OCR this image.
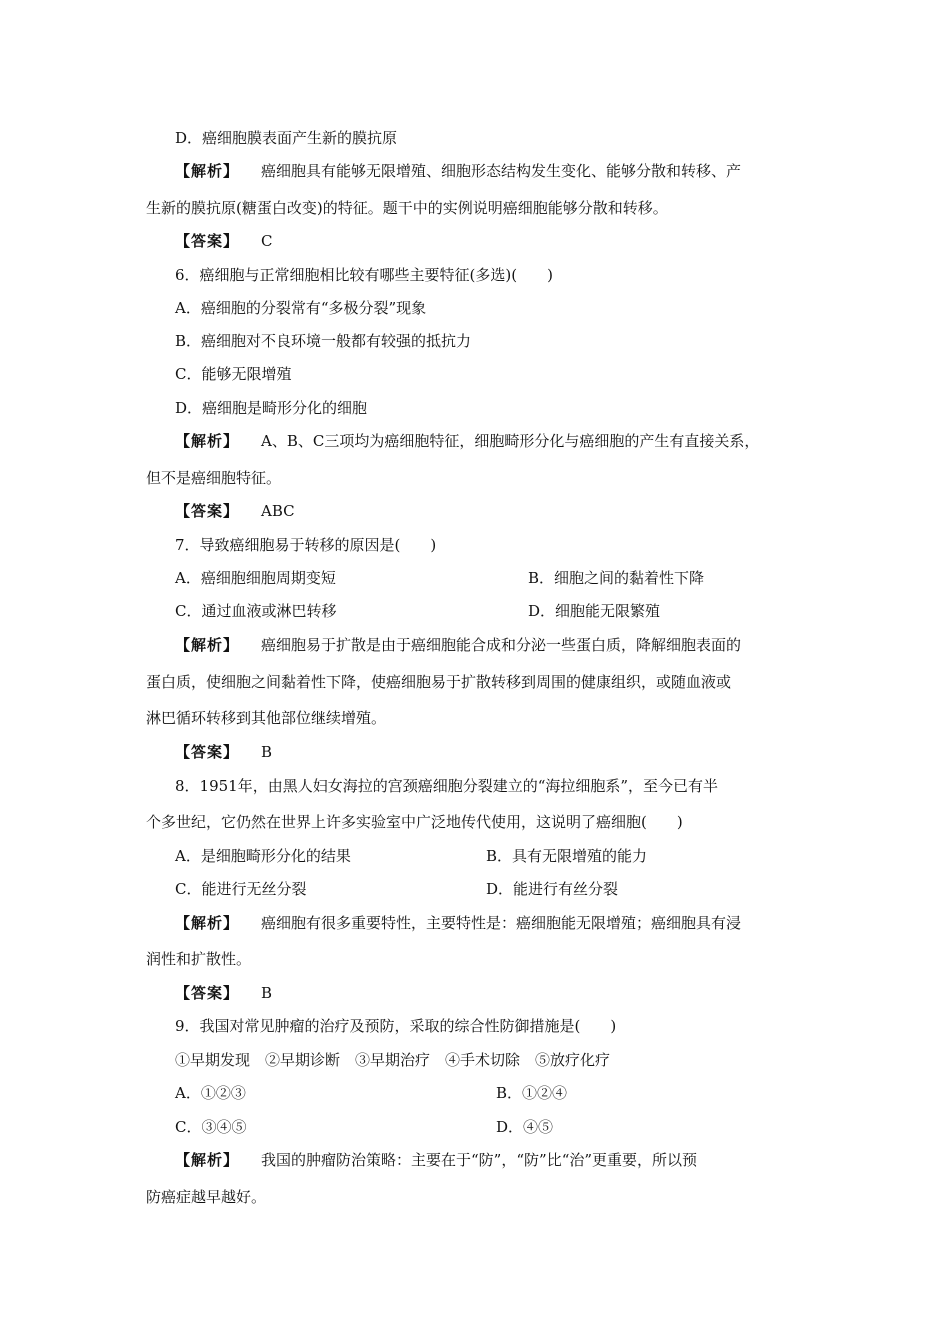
D．癌细胞膜表面产生新的膜抗原
【解析】 癌细胞具有能够无限增殖、细胞形态结构发生变化、能够分散和转移、产
生新的膜抗原(糖蛋白改变)的特征。题干中的实例说明癌细胞能够分散和转移。
【答案】 C
6．癌细胞与正常细胞相比较有哪些主要特征(多选)(　　)
A．癌细胞的分裂常有“多极分裂”现象
B．癌细胞对不良环境一般都有较强的抵抗力
C．能够无限增殖
D．癌细胞是畸形分化的细胞
【解析】 A、B、C三项均为癌细胞特征，细胞畸形分化与癌细胞的产生有直接关系，
但不是癌细胞特征。
【答案】 ABC
7．导致癌细胞易于转移的原因是(　　)
A．癌细胞细胞周期变短	B．细胞之间的黏着性下降
C．通过血液或淋巴转移	D．细胞能无限繁殖
【解析】 癌细胞易于扩散是由于癌细胞能合成和分泌一些蛋白质，降解细胞表面的
蛋白质，使细胞之间黏着性下降，使癌细胞易于扩散转移到周围的健康组织，或随血液或
淋巴循环转移到其他部位继续增殖。
【答案】 B
8．1951年，由黑人妇女海拉的宫颈癌细胞分裂建立的“海拉细胞系”，至今已有半
个多世纪，它仍然在世界上许多实验室中广泛地传代使用，这说明了癌细胞(　　)
A．是细胞畸形分化的结果	B．具有无限增殖的能力
C．能进行无丝分裂	D．能进行有丝分裂
【解析】 癌细胞有很多重要特性，主要特性是：癌细胞能无限增殖；癌细胞具有浸
润性和扩散性。
【答案】 B
9．我国对常见肿瘤的治疗及预防，采取的综合性防御措施是(　　)
①早期发现　②早期诊断　③早期治疗　④手术切除　⑤放疗化疗
A．①②③	B．①②④
C．③④⑤	D．④⑤
【解析】 我国的肿瘤防治策略：主要在于“防”，“防”比“治”更重要，所以预
防癌症越早越好。
